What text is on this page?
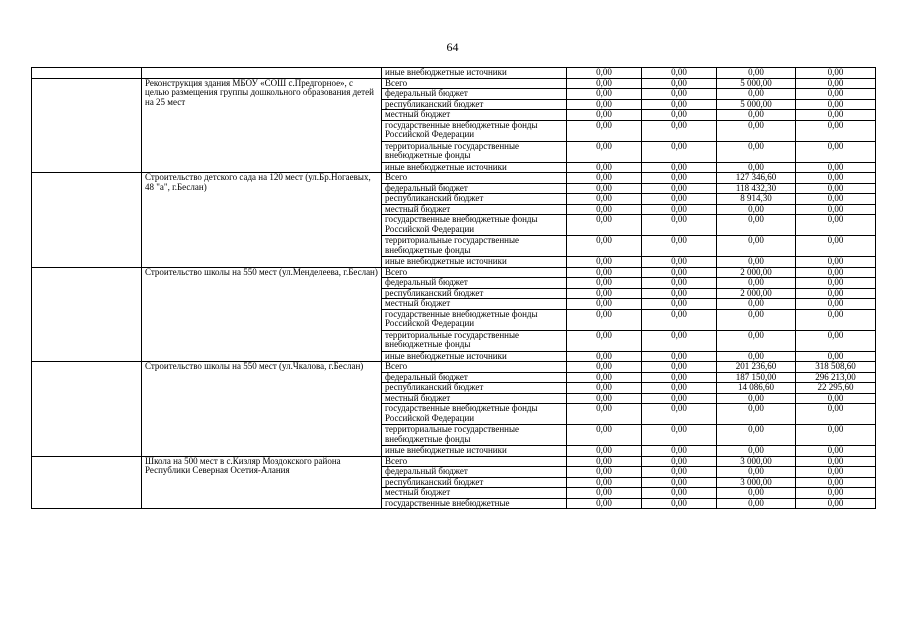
64
		иные внебюджетные источники	0,00	0,00	0,00	0,00
	Реконструкция здания МБОУ «СОШ с.Предгорное», с целью размещения группы дошкольного образования детей на 25 мест	Всего	0,00	0,00	5 000,00	0,00
		федеральный бюджет	0,00	0,00	0,00	0,00
		республиканский бюджет	0,00	0,00	5 000,00	0,00
		местный бюджет	0,00	0,00	0,00	0,00
		государственные внебюджетные фонды Российской Федерации	0,00	0,00	0,00	0,00
		территориальные государственные внебюджетные фонды	0,00	0,00	0,00	0,00
		иные внебюджетные источники	0,00	0,00	0,00	0,00
	Строительство детского сада на 120 мест (ул.Бр.Ногаевых, 48 "а", г.Беслан)	Всего	0,00	0,00	127 346,60	0,00
		федеральный бюджет	0,00	0,00	118 432,30	0,00
		республиканский бюджет	0,00	0,00	8 914,30	0,00
		местный бюджет	0,00	0,00	0,00	0,00
		государственные внебюджетные фонды Российской Федерации	0,00	0,00	0,00	0,00
		территориальные государственные внебюджетные фонды	0,00	0,00	0,00	0,00
		иные внебюджетные источники	0,00	0,00	0,00	0,00
	Строительство школы на 550 мест (ул.Менделеева, г.Беслан)	Всего	0,00	0,00	2 000,00	0,00
		федеральный бюджет	0,00	0,00	0,00	0,00
		республиканский бюджет	0,00	0,00	2 000,00	0,00
		местный бюджет	0,00	0,00	0,00	0,00
		государственные внебюджетные фонды Российской Федерации	0,00	0,00	0,00	0,00
		территориальные государственные внебюджетные фонды	0,00	0,00	0,00	0,00
		иные внебюджетные источники	0,00	0,00	0,00	0,00
	Строительство школы на 550 мест (ул.Чкалова, г.Беслан)	Всего	0,00	0,00	201 236,60	318 508,60
		федеральный бюджет	0,00	0,00	187 150,00	296 213,00
		республиканский бюджет	0,00	0,00	14 086,60	22 295,60
		местный бюджет	0,00	0,00	0,00	0,00
		государственные внебюджетные фонды Российской Федерации	0,00	0,00	0,00	0,00
		территориальные государственные внебюджетные фонды	0,00	0,00	0,00	0,00
		иные внебюджетные источники	0,00	0,00	0,00	0,00
	Школа на 500 мест в с.Кизляр Моздокского района Республики Северная Осетия-Алания	Всего	0,00	0,00	3 000,00	0,00
		федеральный бюджет	0,00	0,00	0,00	0,00
		республиканский бюджет	0,00	0,00	3 000,00	0,00
		местный бюджет	0,00	0,00	0,00	0,00
		государственные внебюджетные	0,00	0,00	0,00	0,00
